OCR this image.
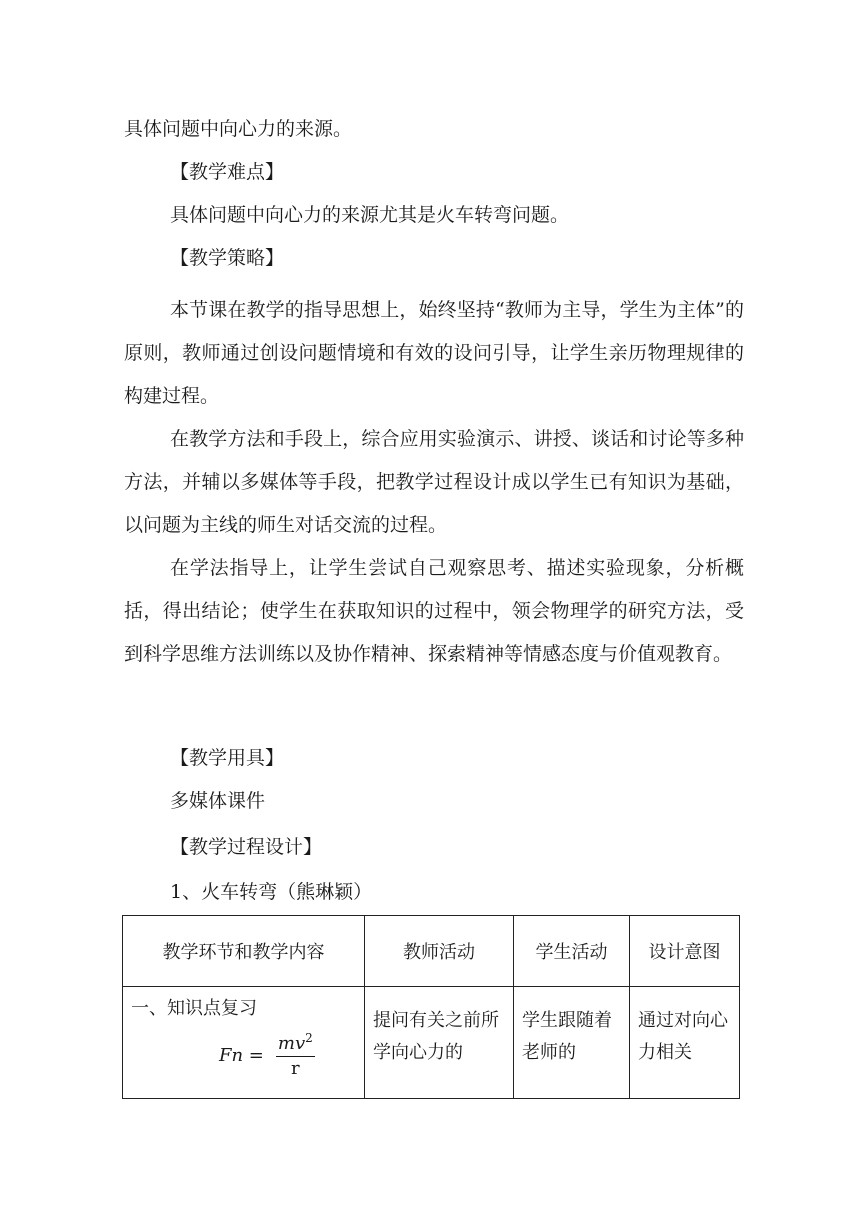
具体问题中向心力的来源。
【教学难点】
具体问题中向心力的来源尤其是火车转弯问题。
【教学策略】
本节课在教学的指导思想上，始终坚持“教师为主导，学生为主体”的原则，教师通过创设问题情境和有效的设问引导，让学生亲历物理规律的构建过程。
在教学方法和手段上，综合应用实验演示、讲授、谈话和讨论等多种方法，并辅以多媒体等手段，把教学过程设计成以学生已有知识为基础，以问题为主线的师生对话交流的过程。
在学法指导上，让学生尝试自己观察思考、描述实验现象，分析概括，得出结论；使学生在获取知识的过程中，领会物理学的研究方法，受到科学思维方法训练以及协作精神、探索精神等情感态度与价值观教育。
【教学用具】
多媒体课件
【教学过程设计】
1、火车转弯（熊琳颖）
教学环节和教学内容	教师活动	学生活动	设计意图

一、知识点复习
$Fn = \frac{mv^2}{r}$	提问有关之前所学向心力的	学生跟随着老师的	通过对向心力相关
